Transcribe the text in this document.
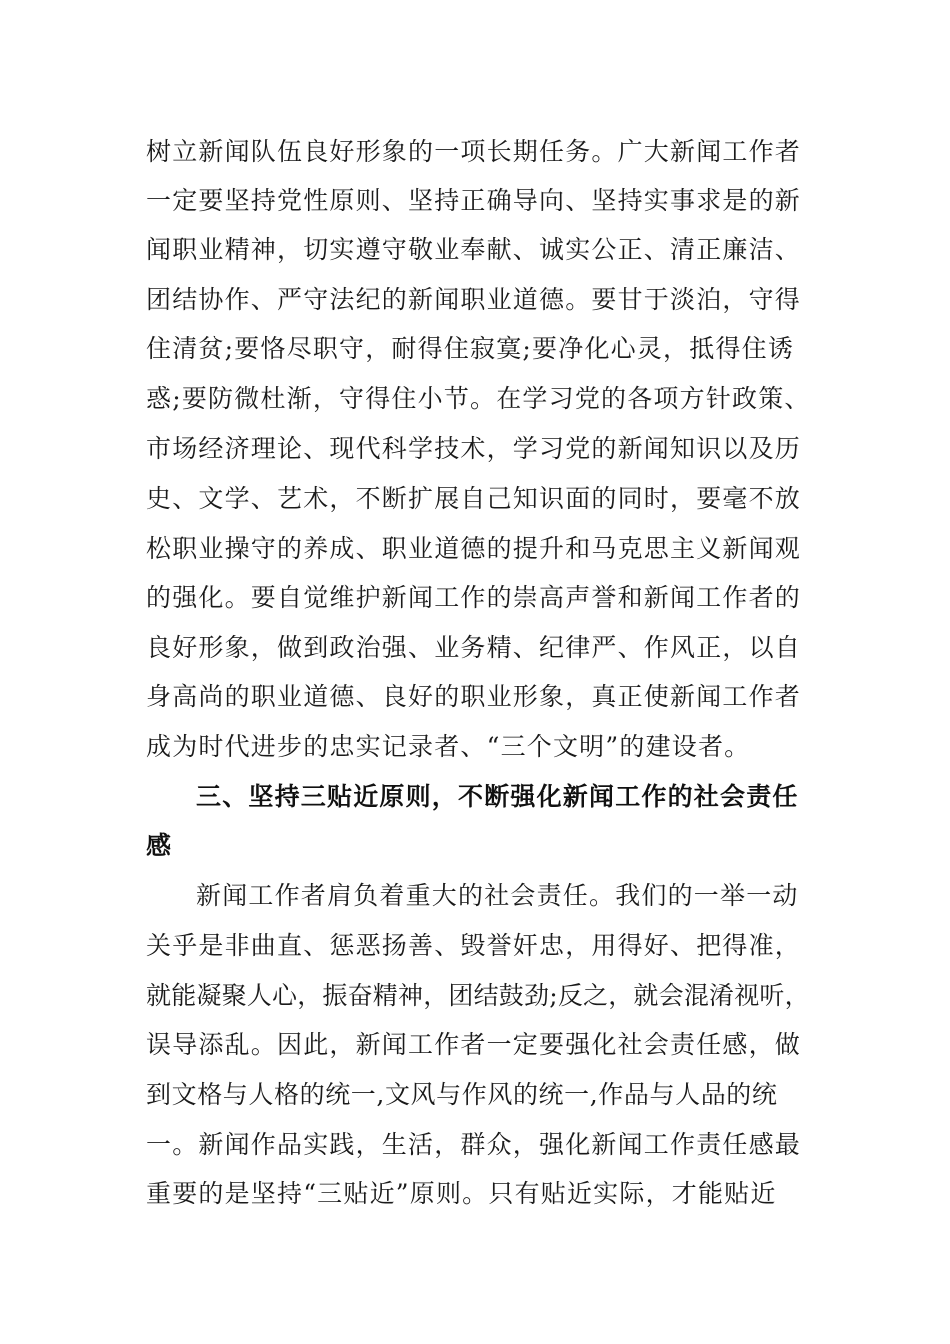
树立新闻队伍良好形象的一项长期任务。广大新闻工作者
一定要坚持党性原则、坚持正确导向、坚持实事求是的新
闻职业精神，切实遵守敬业奉献、诚实公正、清正廉洁、
团结协作、严守法纪的新闻职业道德。要甘于淡泊，守得
住清贫;要恪尽职守，耐得住寂寞;要净化心灵，抵得住诱
惑;要防微杜渐，守得住小节。在学习党的各项方针政策、
市场经济理论、现代科学技术，学习党的新闻知识以及历
史、文学、艺术，不断扩展自己知识面的同时，要毫不放
松职业操守的养成、职业道德的提升和马克思主义新闻观
的强化。要自觉维护新闻工作的崇高声誉和新闻工作者的
良好形象，做到政治强、业务精、纪律严、作风正，以自
身高尚的职业道德、良好的职业形象，真正使新闻工作者
成为时代进步的忠实记录者、“三个文明”的建设者。
三、坚持三贴近原则，不断强化新闻工作的社会责任
感
新闻工作者肩负着重大的社会责任。我们的一举一动
关乎是非曲直、惩恶扬善、毁誉奸忠，用得好、把得准，
就能凝聚人心，振奋精神，团结鼓劲;反之，就会混淆视听，
误导添乱。因此，新闻工作者一定要强化社会责任感，做
到文格与人格的统一,文风与作风的统一,作品与人品的统
一。新闻作品实践，生活，群众，强化新闻工作责任感最
重要的是坚持“三贴近”原则。只有贴近实际，才能贴近
